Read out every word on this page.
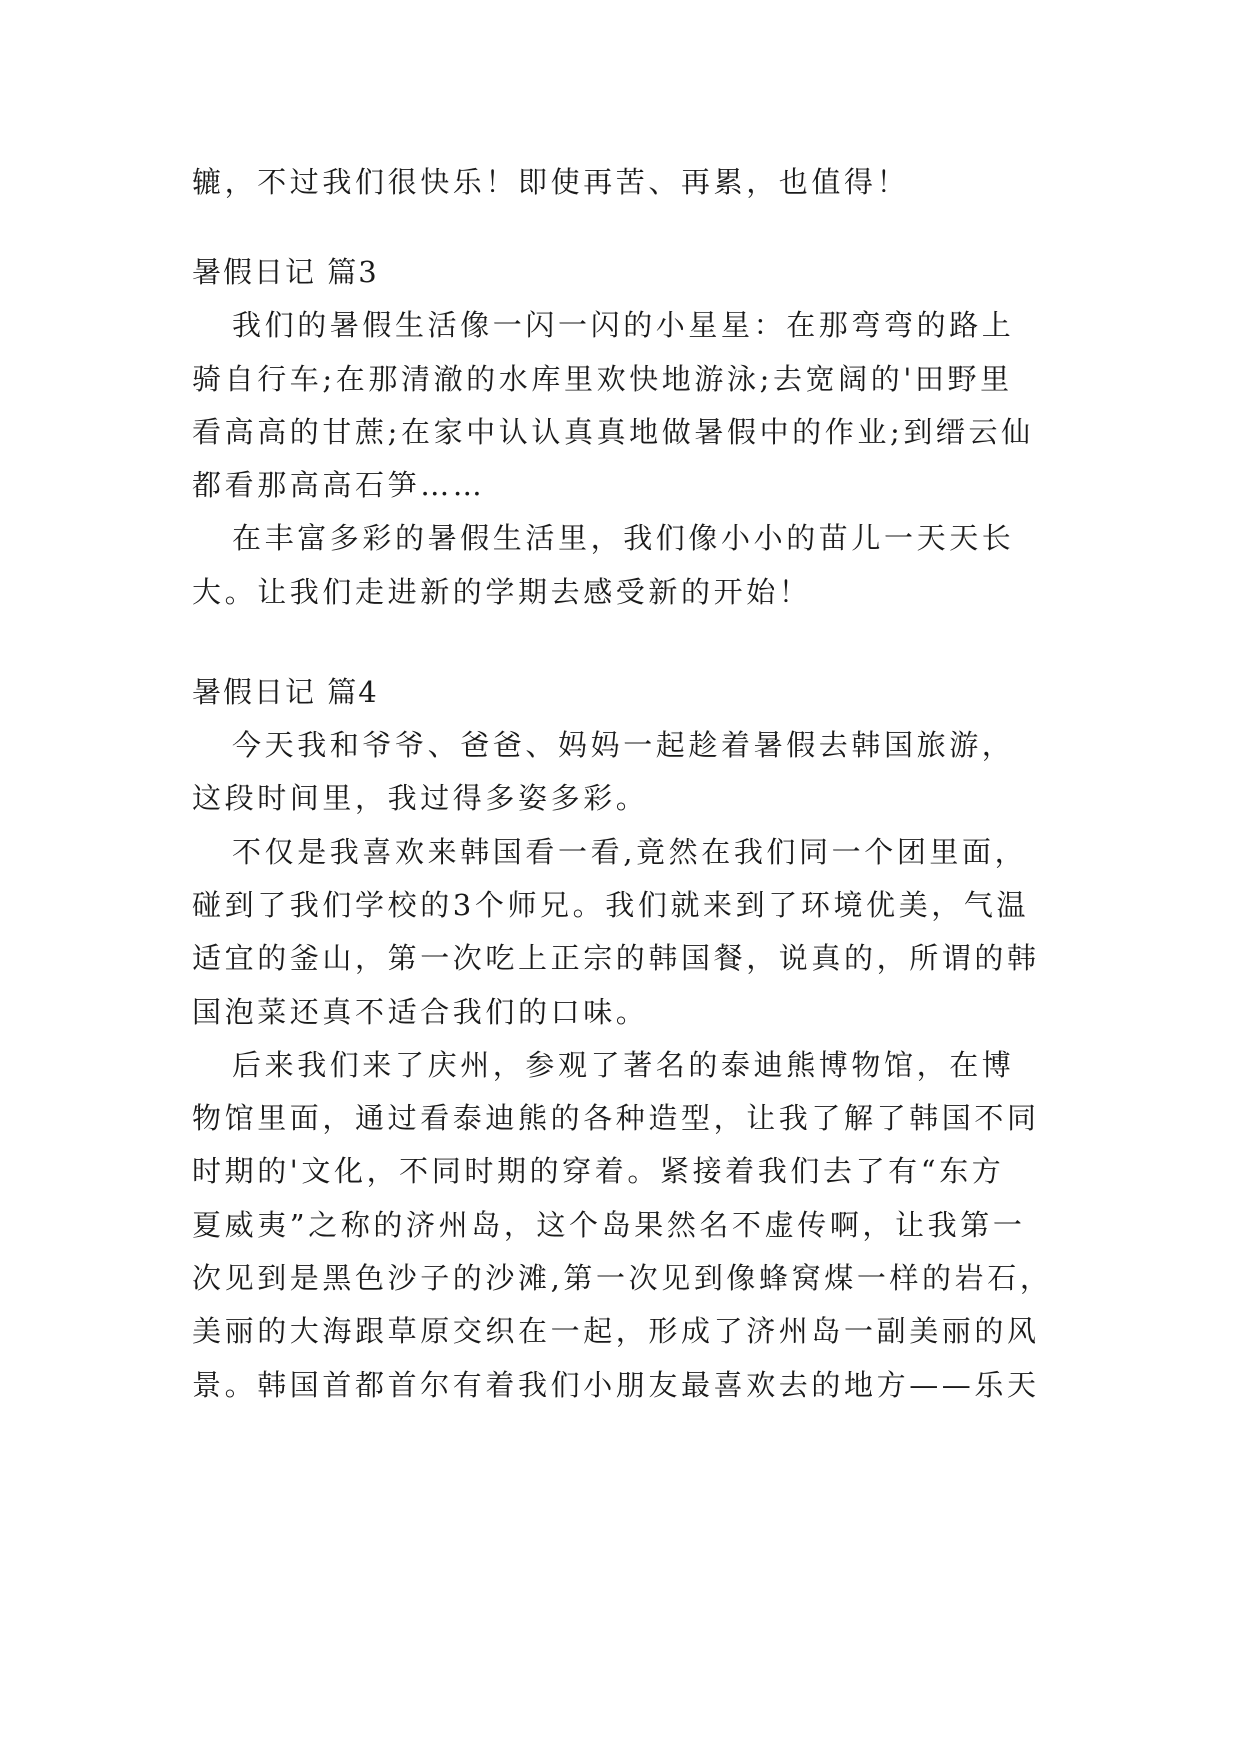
辘，不过我们很快乐！即使再苦、再累，也值得！
暑假日记 篇3
我们的暑假生活像一闪一闪的小星星：在那弯弯的路上
骑自行车;在那清澈的水库里欢快地游泳;去宽阔的'田野里
看高高的甘蔗;在家中认认真真地做暑假中的作业;到缙云仙
都看那高高石笋……
在丰富多彩的暑假生活里，我们像小小的苗儿一天天长
大。让我们走进新的学期去感受新的开始！
暑假日记 篇4
今天我和爷爷、爸爸、妈妈一起趁着暑假去韩国旅游，
这段时间里，我过得多姿多彩。
不仅是我喜欢来韩国看一看,竟然在我们同一个团里面，
碰到了我们学校的3个师兄。我们就来到了环境优美，气温
适宜的釜山，第一次吃上正宗的韩国餐，说真的，所谓的韩
国泡菜还真不适合我们的口味。
后来我们来了庆州，参观了著名的泰迪熊博物馆，在博
物馆里面，通过看泰迪熊的各种造型，让我了解了韩国不同
时期的'文化，不同时期的穿着。紧接着我们去了有“东方
夏威夷”之称的济州岛，这个岛果然名不虚传啊，让我第一
次见到是黑色沙子的沙滩,第一次见到像蜂窝煤一样的岩石，
美丽的大海跟草原交织在一起，形成了济州岛一副美丽的风
景。韩国首都首尔有着我们小朋友最喜欢去的地方——乐天
